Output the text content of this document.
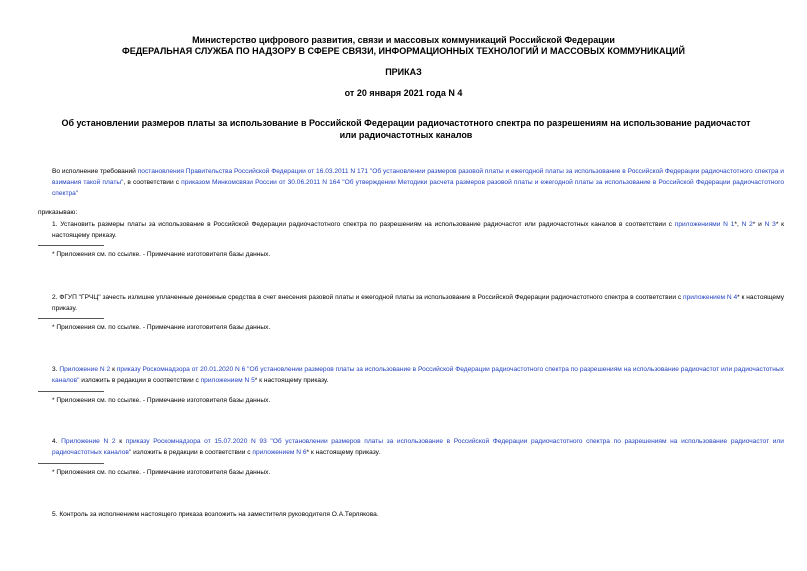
Министерство цифрового развития, связи и массовых коммуникаций Российской Федерации
ФЕДЕРАЛЬНАЯ СЛУЖБА ПО НАДЗОРУ В СФЕРЕ СВЯЗИ, ИНФОРМАЦИОННЫХ ТЕХНОЛОГИЙ И МАССОВЫХ КОММУНИКАЦИЙ
ПРИКАЗ
от 20 января 2021 года N 4
Об установлении размеров платы за использование в Российской Федерации радиочастотного спектра по разрешениям на использование радиочастот или радиочастотных каналов
Во исполнение требований постановления Правительства Российской Федерации от 16.03.2011 N 171 "Об установлении размеров разовой платы и ежегодной платы за использование в Российской Федерации радиочастотного спектра и взимания такой платы", в соответствии с приказом Минкомсвязи России от 30.06.2011 N 164 "Об утверждении Методики расчета размеров разовой платы и ежегодной платы за использование в Российской Федерации радиочастотного спектра"
приказываю:
1. Установить размеры платы за использование в Российской Федерации радиочастотного спектра по разрешениям на использование радиочастот или радиочастотных каналов в соответствии с приложениями N 1*, N 2* и N 3* к настоящему приказу.
* Приложения см. по ссылке. - Примечание изготовителя базы данных.
2. ФГУП "ГРЧЦ" зачесть излишне уплаченные денежные средства в счет внесения разовой платы и ежегодной платы за использование в Российской Федерации радиочастотного спектра в соответствии с приложением N 4* к настоящему приказу.
* Приложения см. по ссылке. - Примечание изготовителя базы данных.
3. Приложение N 2 к приказу Роскомнадзора от 20.01.2020 N 6 "Об установлении размеров платы за использование в Российской Федерации радиочастотного спектра по разрешениям на использование радиочастот или радиочастотных каналов" изложить в редакции в соответствии с приложением N 5* к настоящему приказу.
* Приложения см. по ссылке. - Примечание изготовителя базы данных.
4. Приложение N 2 к приказу Роскомнадзора от 15.07.2020 N 93 "Об установлении размеров платы за использование в Российской Федерации радиочастотного спектра по разрешениям на использование радиочастот или радиочастотных каналов" изложить в редакции в соответствии с приложением N 6* к настоящему приказу.
* Приложения см. по ссылке. - Примечание изготовителя базы данных.
5. Контроль за исполнением настоящего приказа возложить на заместителя руководителя О.А.Терлякова.
